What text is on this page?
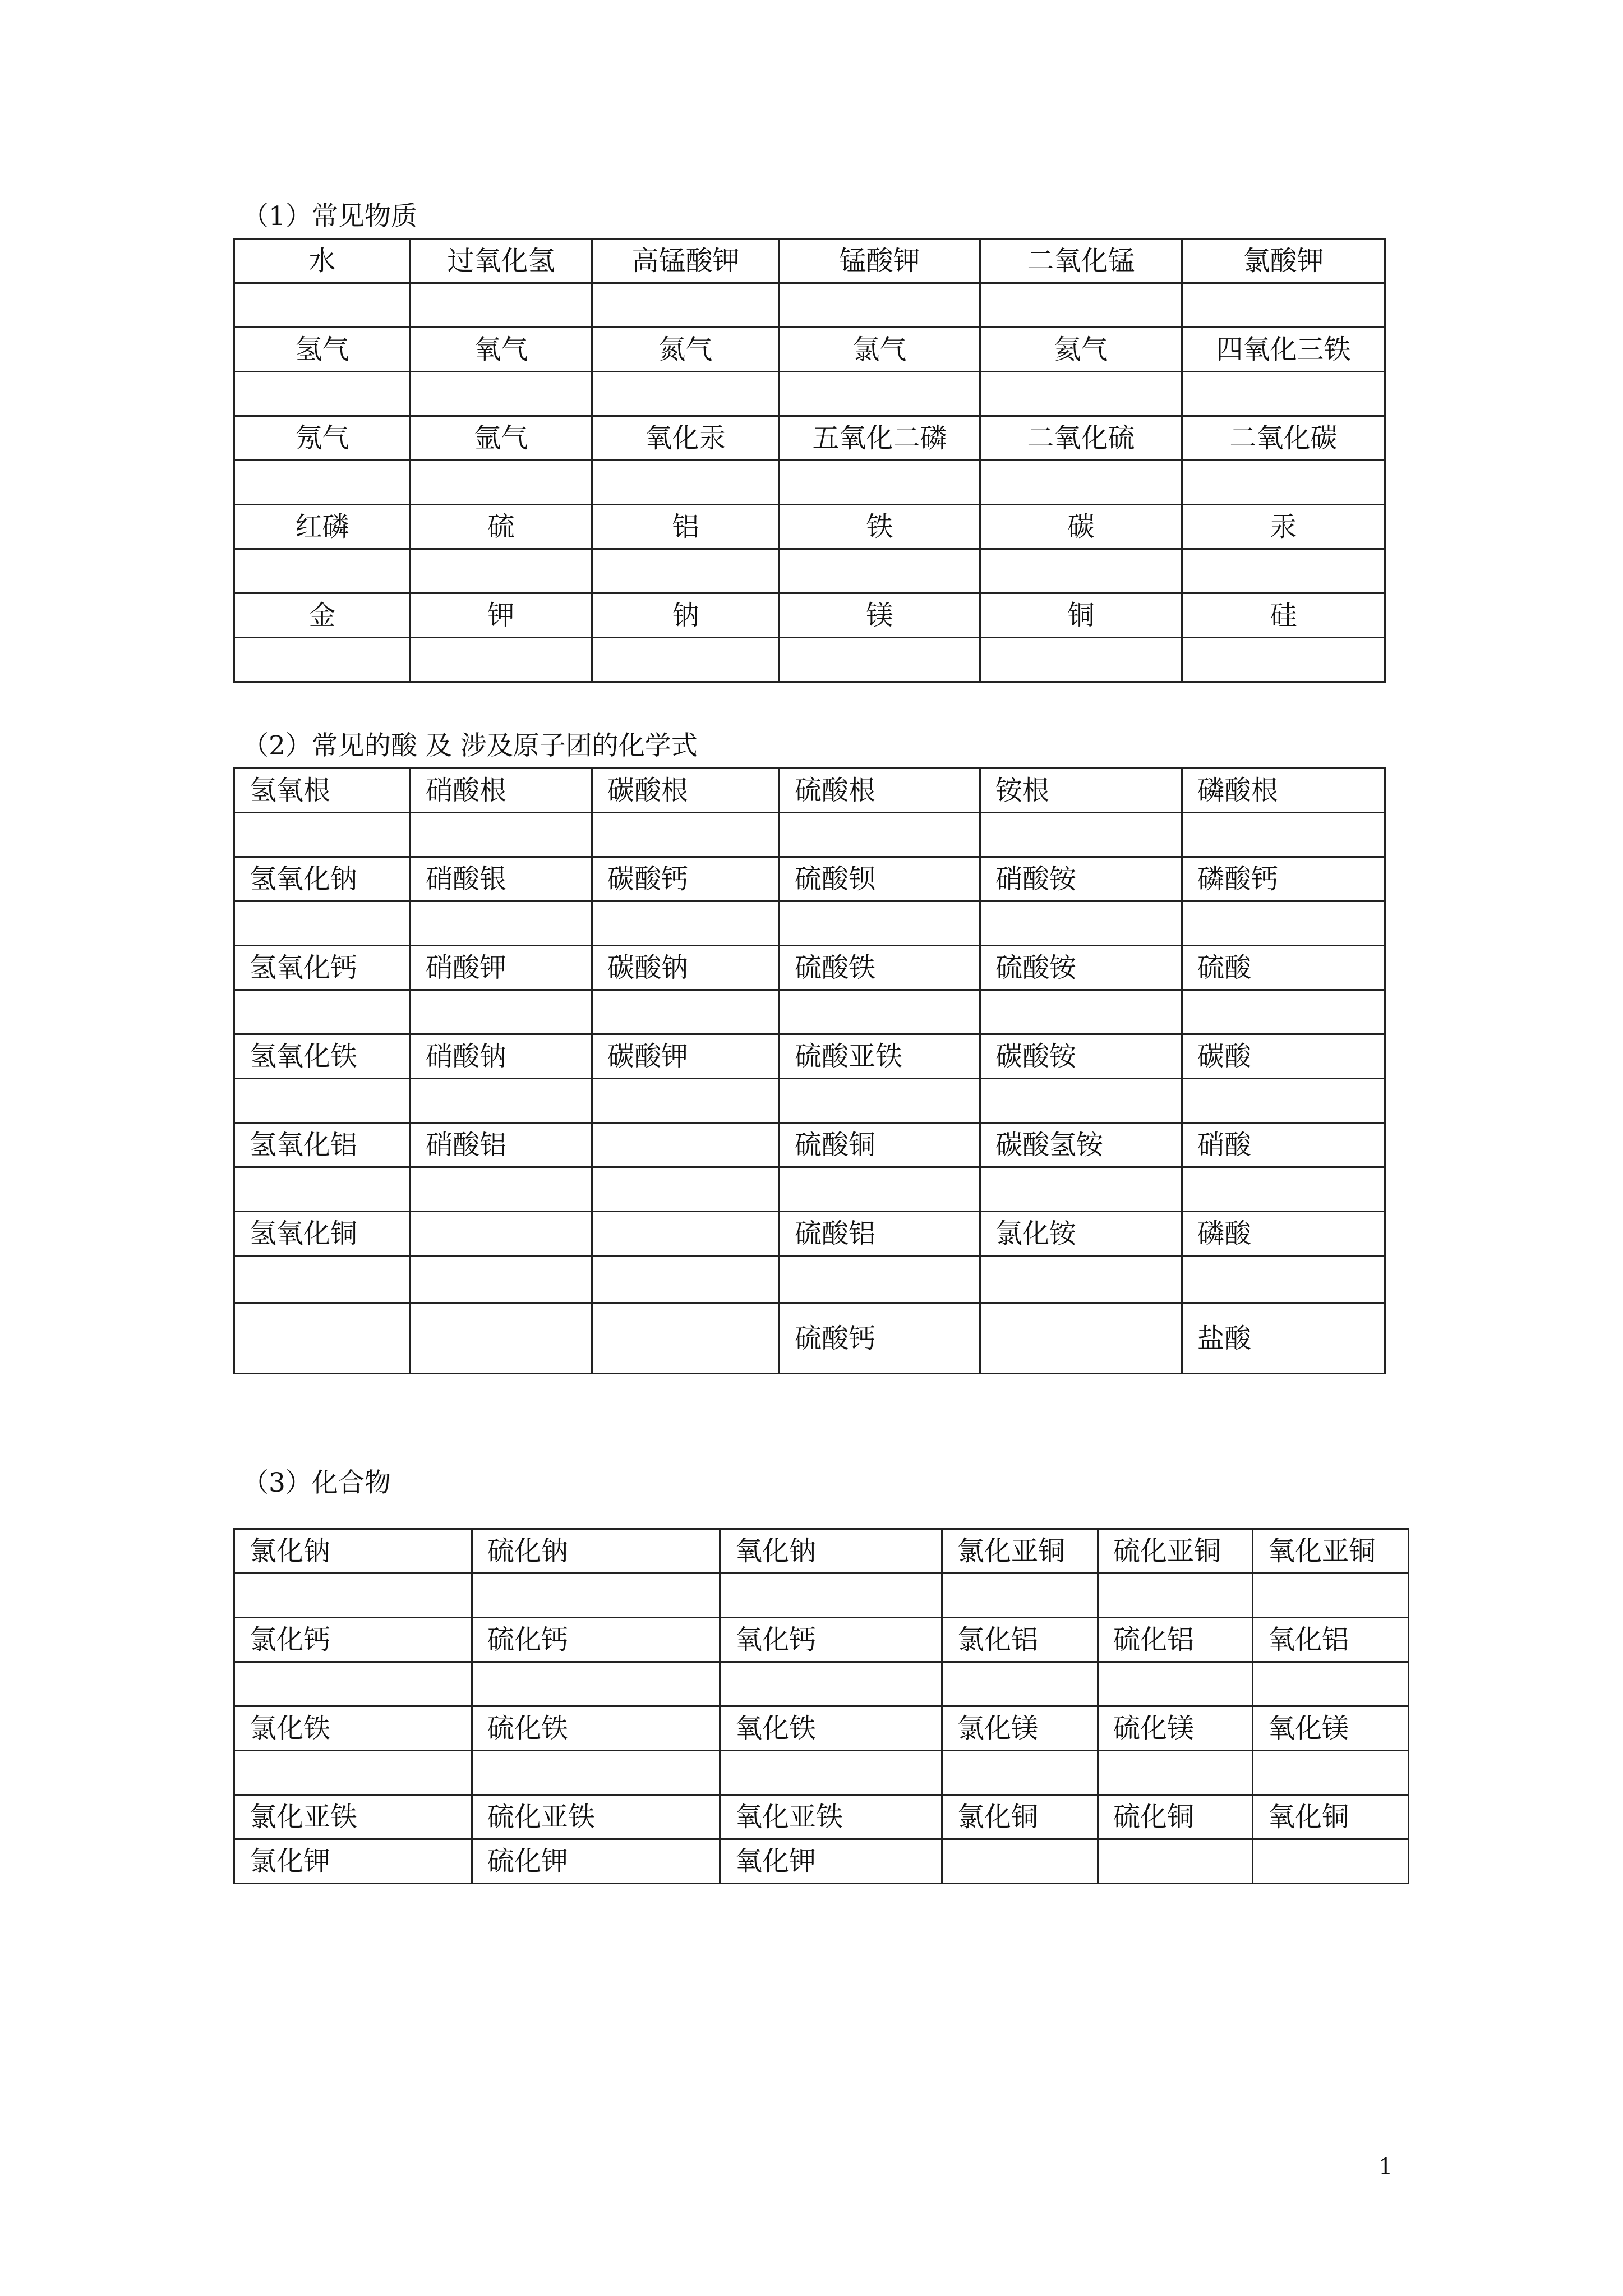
（1）常见物质
水	过氧化氢	高锰酸钾	锰酸钾	二氧化锰	氯酸钾

氢气	氧气	氮气	氯气	氦气	四氧化三铁

氖气	氩气	氧化汞	五氧化二磷	二氧化硫	二氧化碳

红磷	硫	铝	铁	碳	汞

金	钾	钠	镁	铜	硅

（2）常见的酸 及 涉及原子团的化学式
氢氧根	硝酸根	碳酸根	硫酸根	铵根	磷酸根

氢氧化钠	硝酸银	碳酸钙	硫酸钡	硝酸铵	磷酸钙

氢氧化钙	硝酸钾	碳酸钠	硫酸铁	硫酸铵	硫酸

氢氧化铁	硝酸钠	碳酸钾	硫酸亚铁	碳酸铵	碳酸

氢氧化铝	硝酸铝		硫酸铜	碳酸氢铵	硝酸

氢氧化铜			硫酸铝	氯化铵	磷酸

			硫酸钙		盐酸
（3）化合物
氯化钠	硫化钠	氧化钠	氯化亚铜	硫化亚铜	氧化亚铜

氯化钙	硫化钙	氧化钙	氯化铝	硫化铝	氧化铝

氯化铁	硫化铁	氧化铁	氯化镁	硫化镁	氧化镁

氯化亚铁	硫化亚铁	氧化亚铁	氯化铜	硫化铜	氧化铜
氯化钾	硫化钾	氧化钾			
1
